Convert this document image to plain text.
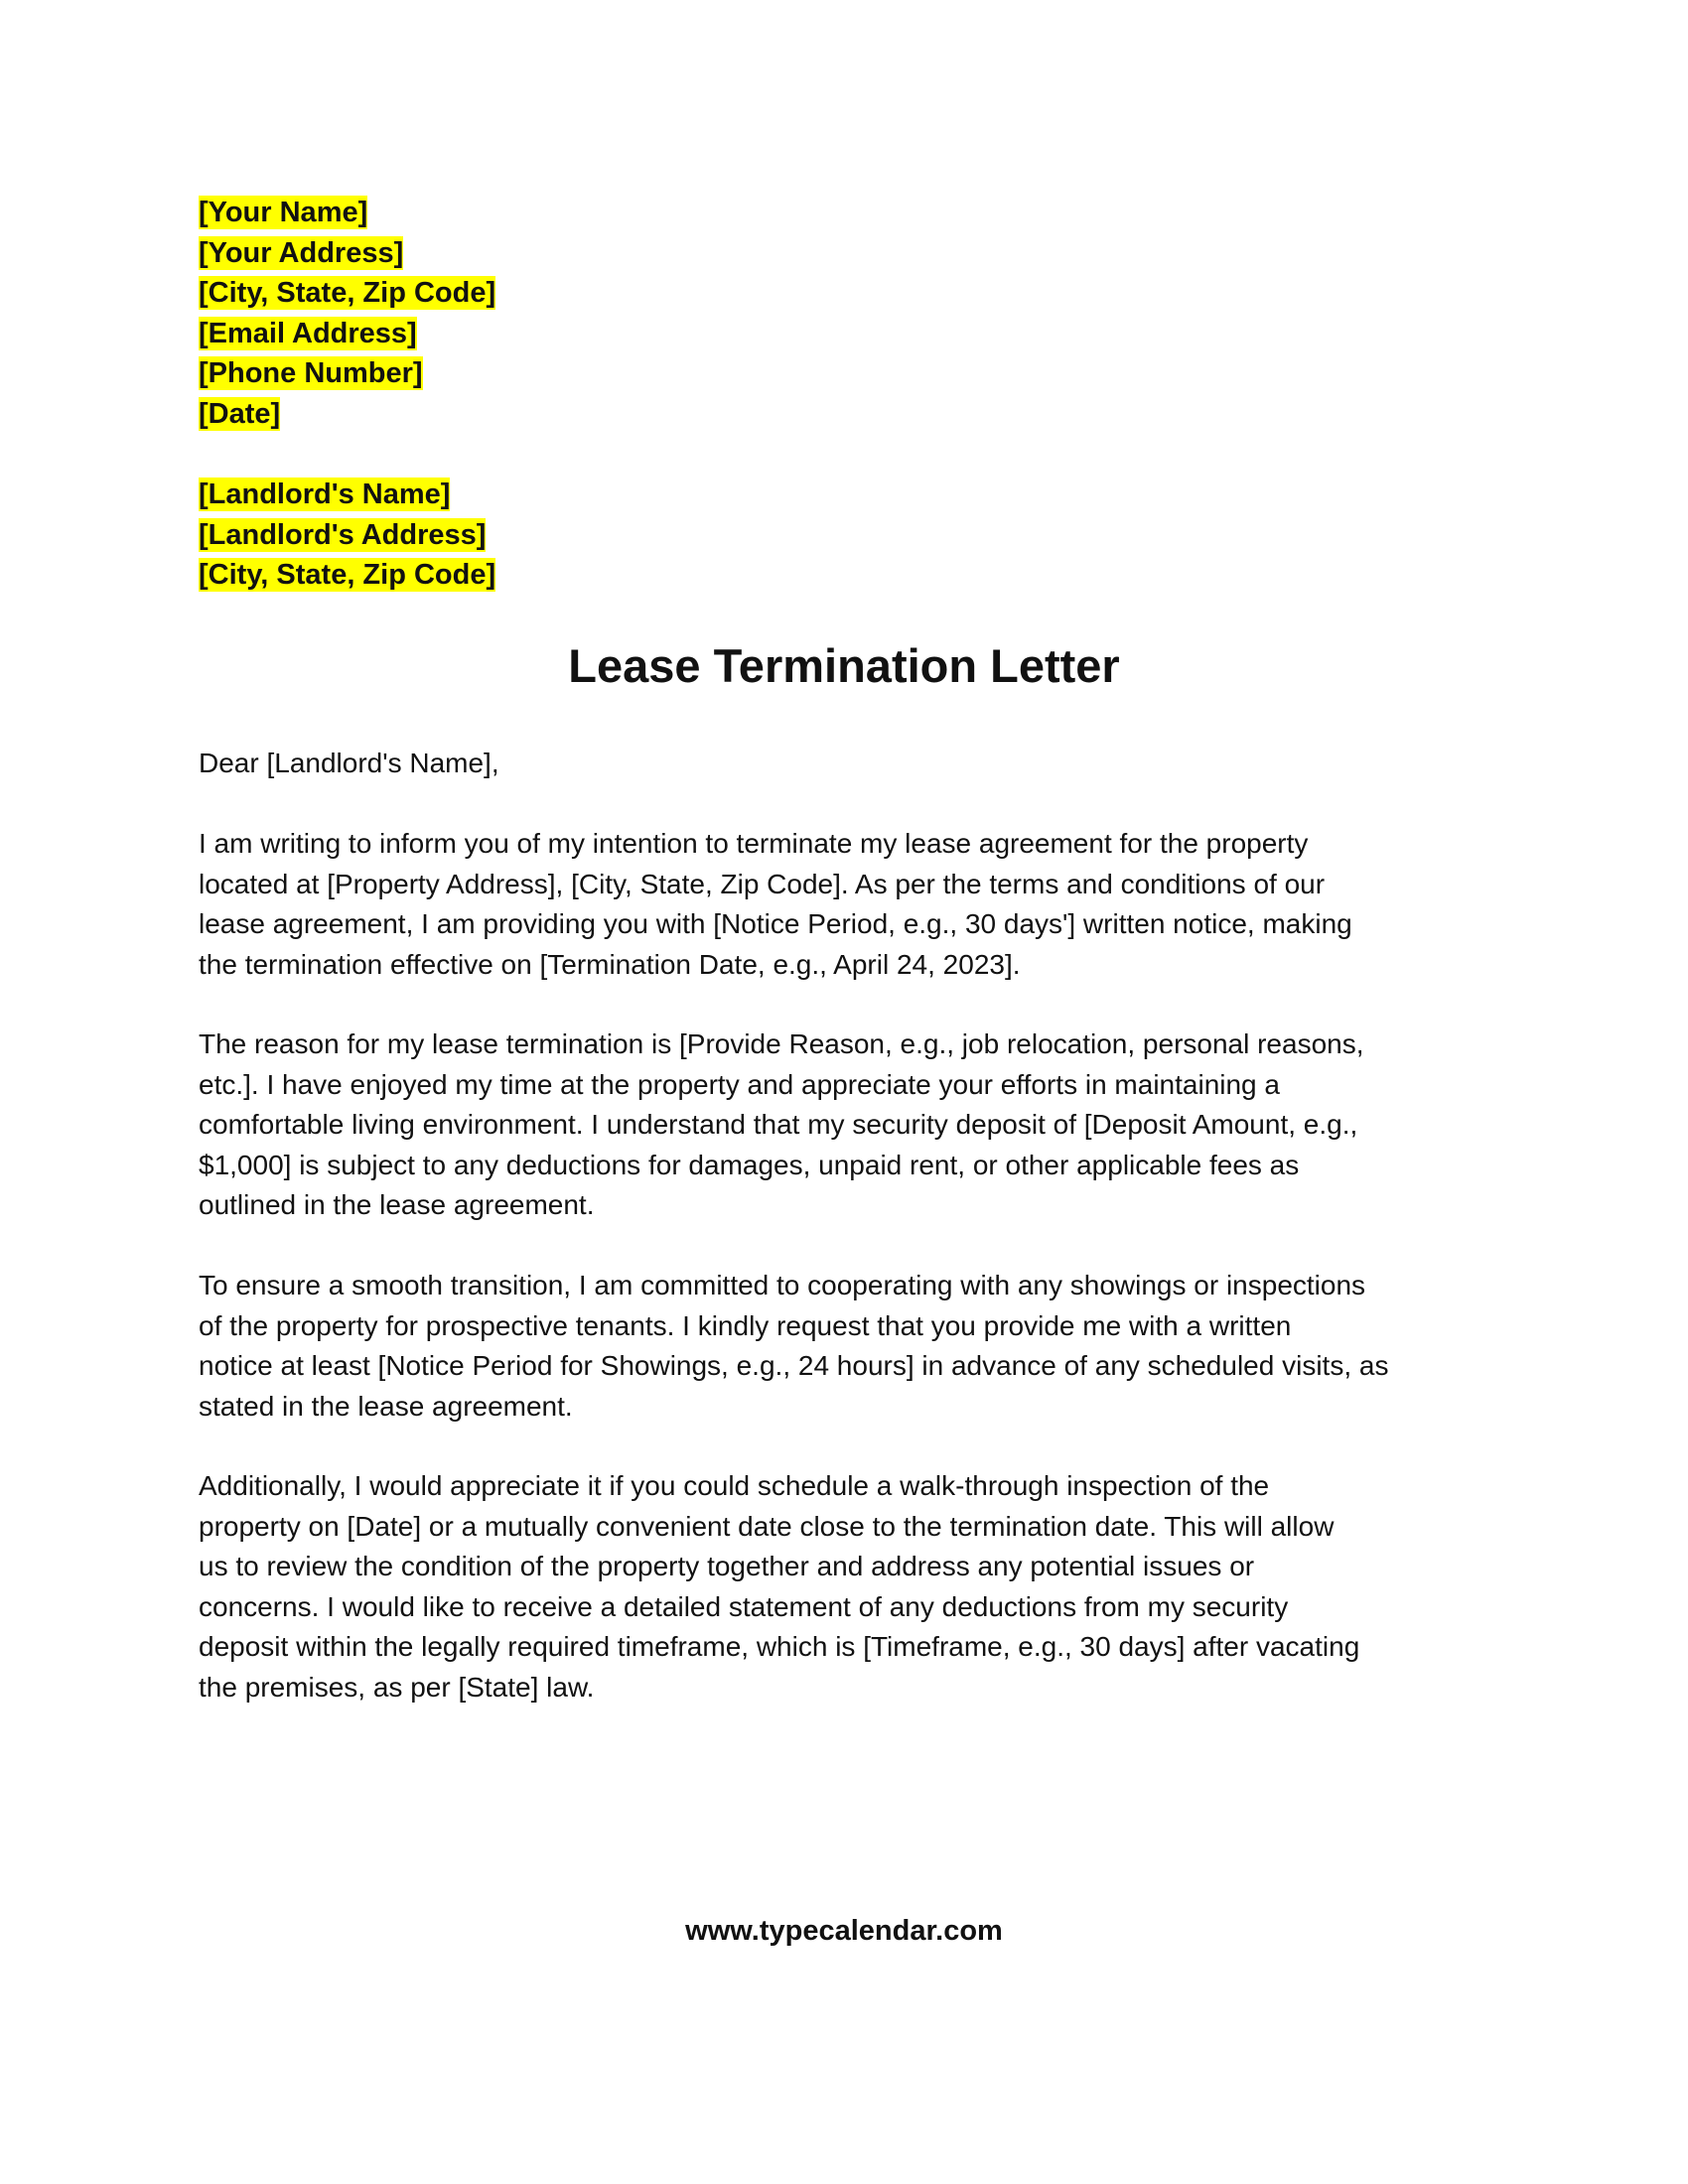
[Your Name]
[Your Address]
[City, State, Zip Code]
[Email Address]
[Phone Number]
[Date]
[Landlord's Name]
[Landlord's Address]
[City, State, Zip Code]
Lease Termination Letter
Dear [Landlord's Name],
I am writing to inform you of my intention to terminate my lease agreement for the property
located at [Property Address], [City, State, Zip Code]. As per the terms and conditions of our
lease agreement, I am providing you with [Notice Period, e.g., 30 days'] written notice, making
the termination effective on [Termination Date, e.g., April 24, 2023].
The reason for my lease termination is [Provide Reason, e.g., job relocation, personal reasons,
etc.]. I have enjoyed my time at the property and appreciate your efforts in maintaining a
comfortable living environment. I understand that my security deposit of [Deposit Amount, e.g.,
$1,000] is subject to any deductions for damages, unpaid rent, or other applicable fees as
outlined in the lease agreement.
To ensure a smooth transition, I am committed to cooperating with any showings or inspections
of the property for prospective tenants. I kindly request that you provide me with a written
notice at least [Notice Period for Showings, e.g., 24 hours] in advance of any scheduled visits, as
stated in the lease agreement.
Additionally, I would appreciate it if you could schedule a walk-through inspection of the
property on [Date] or a mutually convenient date close to the termination date. This will allow
us to review the condition of the property together and address any potential issues or
concerns. I would like to receive a detailed statement of any deductions from my security
deposit within the legally required timeframe, which is [Timeframe, e.g., 30 days] after vacating
the premises, as per [State] law.
www.typecalendar.com
